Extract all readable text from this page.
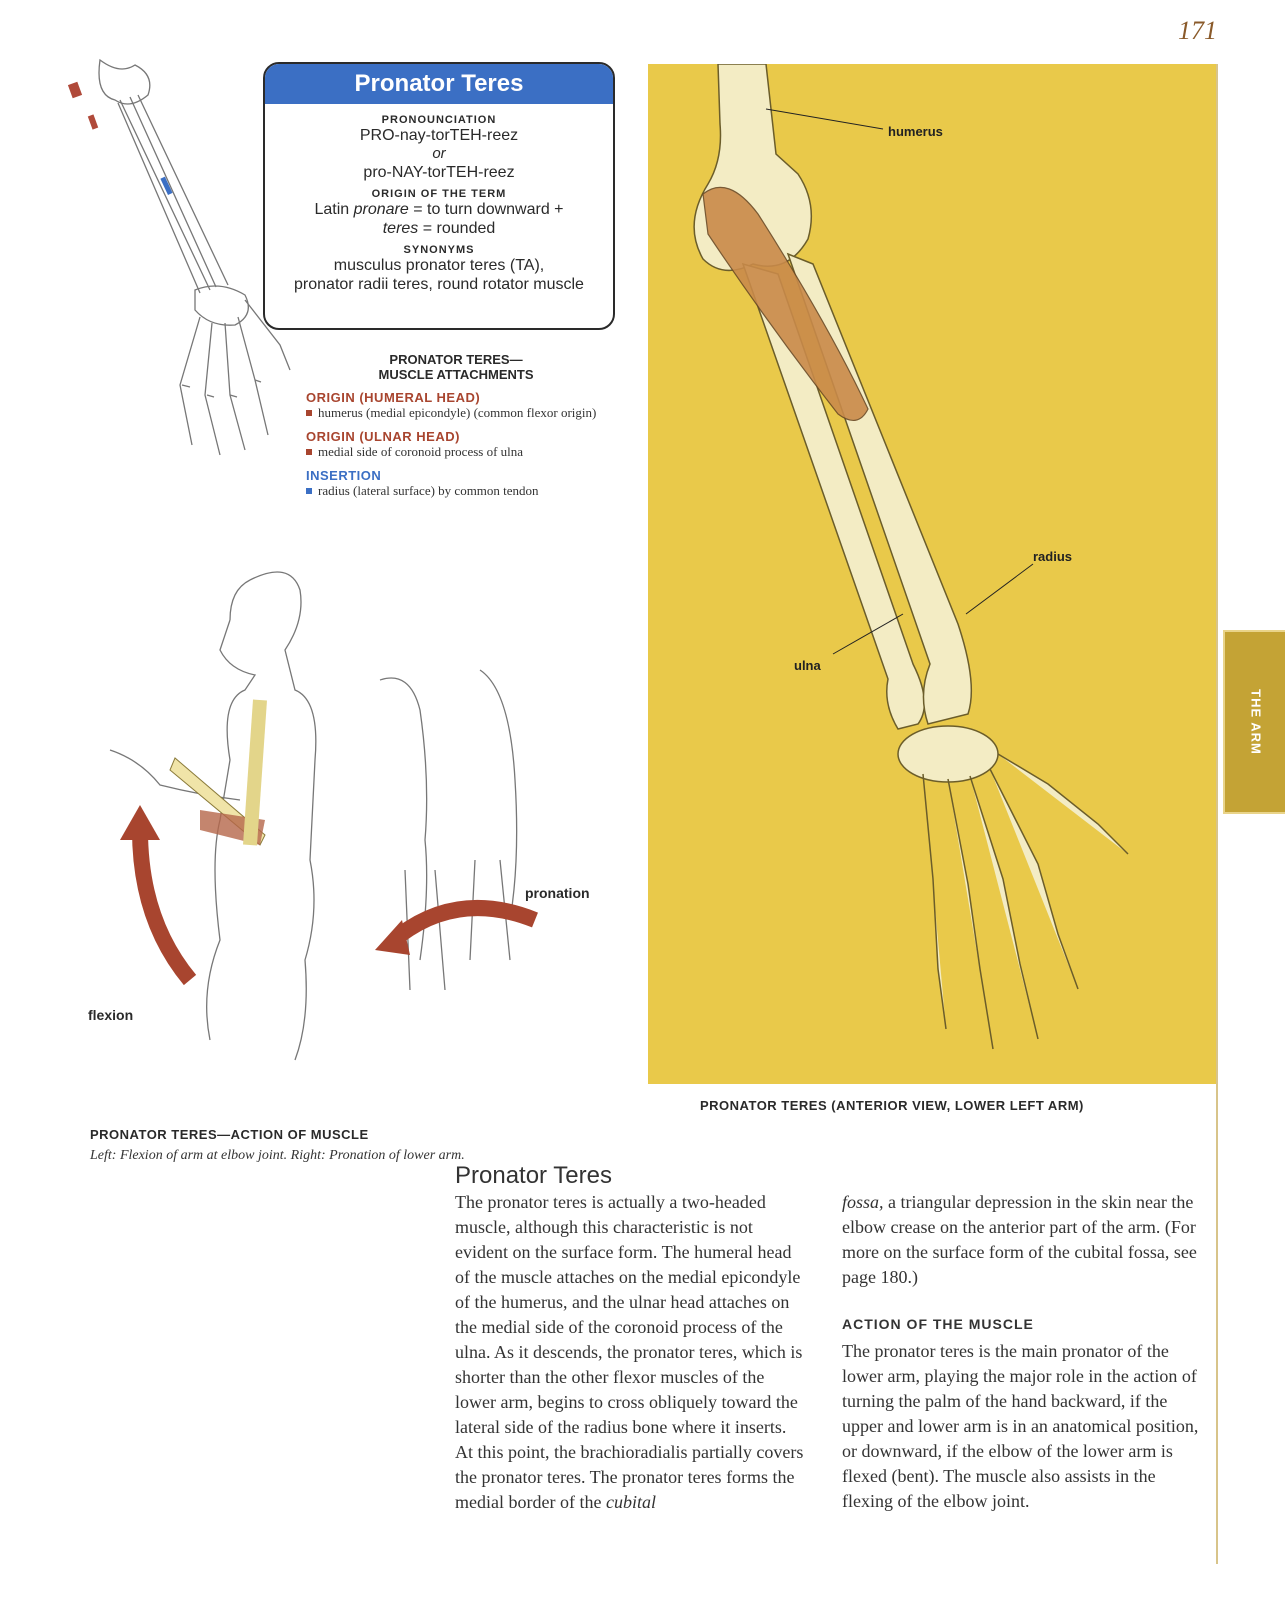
171
Pronator Teres
PRONOUNCIATION
PRO-nay-torTEH-reez
or
pro-NAY-torTEH-reez
ORIGIN OF THE TERM
Latin pronare = to turn downward +
teres = rounded
SYNONYMS
musculus pronator teres (TA),
pronator radii teres, round rotator muscle
PRONATOR TERES—
MUSCLE ATTACHMENTS
ORIGIN (HUMERAL HEAD)
humerus (medial epicondyle) (common flexor origin)
ORIGIN (ULNAR HEAD)
medial side of coronoid process of ulna
INSERTION
radius (lateral surface) by common tendon
humerus
radius
ulna
THE ARM
PRONATOR TERES (ANTERIOR VIEW, LOWER LEFT ARM)
flexion
pronation
PRONATOR TERES—ACTION OF MUSCLE
Left: Flexion of arm at elbow joint. Right: Pronation of lower arm.
Pronator Teres
The pronator teres is actually a two-headed muscle, although this characteristic is not evident on the surface form. The humeral head of the muscle attaches on the medial epicondyle of the humerus, and the ulnar head attaches on the medial side of the coronoid process of the ulna. As it descends, the pronator teres, which is shorter than the other flexor muscles of the lower arm, begins to cross obliquely toward the lateral side of the radius bone where it inserts. At this point, the brachioradialis partially covers the pronator teres. The pronator teres forms the medial border of the cubital
fossa, a triangular depression in the skin near the elbow crease on the anterior part of the arm. (For more on the surface form of the cubital fossa, see page 180.)
ACTION OF THE MUSCLE
The pronator teres is the main pronator of the lower arm, playing the major role in the action of turning the palm of the hand backward, if the upper and lower arm is in an anatomical position, or downward, if the elbow of the lower arm is flexed (bent). The muscle also assists in the flexing of the elbow joint.
